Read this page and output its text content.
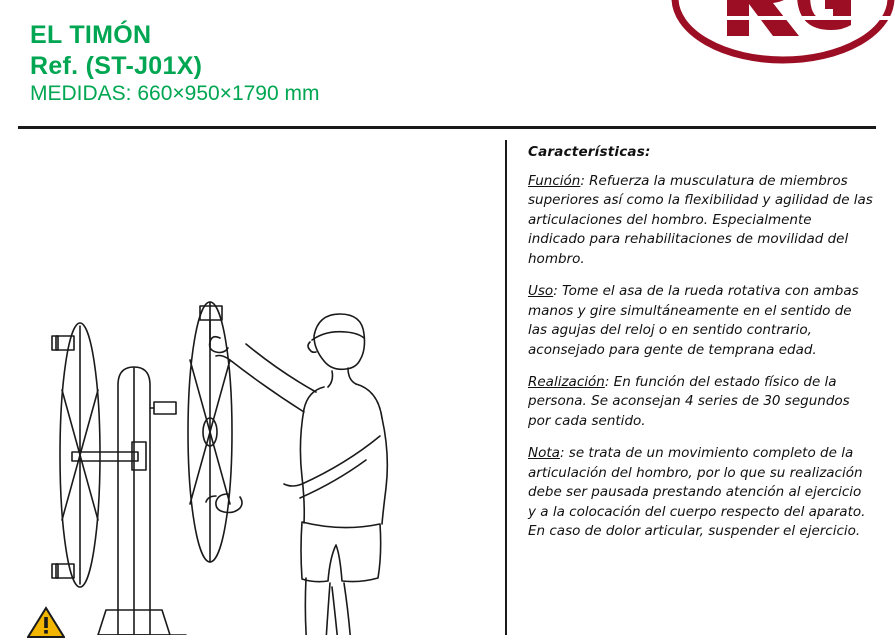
EL TIMÓN
Ref. (ST-J01X)
MEDIDAS: 660×950×1790 mm
Características:

Función: Refuerza la musculatura de miembros superiores así como la flexibilidad y agilidad de las articulaciones del hombro. Especialmente indicado para rehabilitaciones de movilidad del hombro.

Uso: Tome el asa de la rueda rotativa con ambas manos y gire simultáneamente en el sentido de las agujas del reloj o en sentido contrario, aconsejado para gente de temprana edad.

Realización: En función del estado físico de la persona. Se aconsejan 4 series de 30 segundos por cada sentido.

Nota: se trata de un movimiento completo de la articulación del hombro, por lo que su realización debe ser pausada prestando atención al ejercicio y a la colocación del cuerpo respecto del aparato. En caso de dolor articular, suspender el ejercicio.
